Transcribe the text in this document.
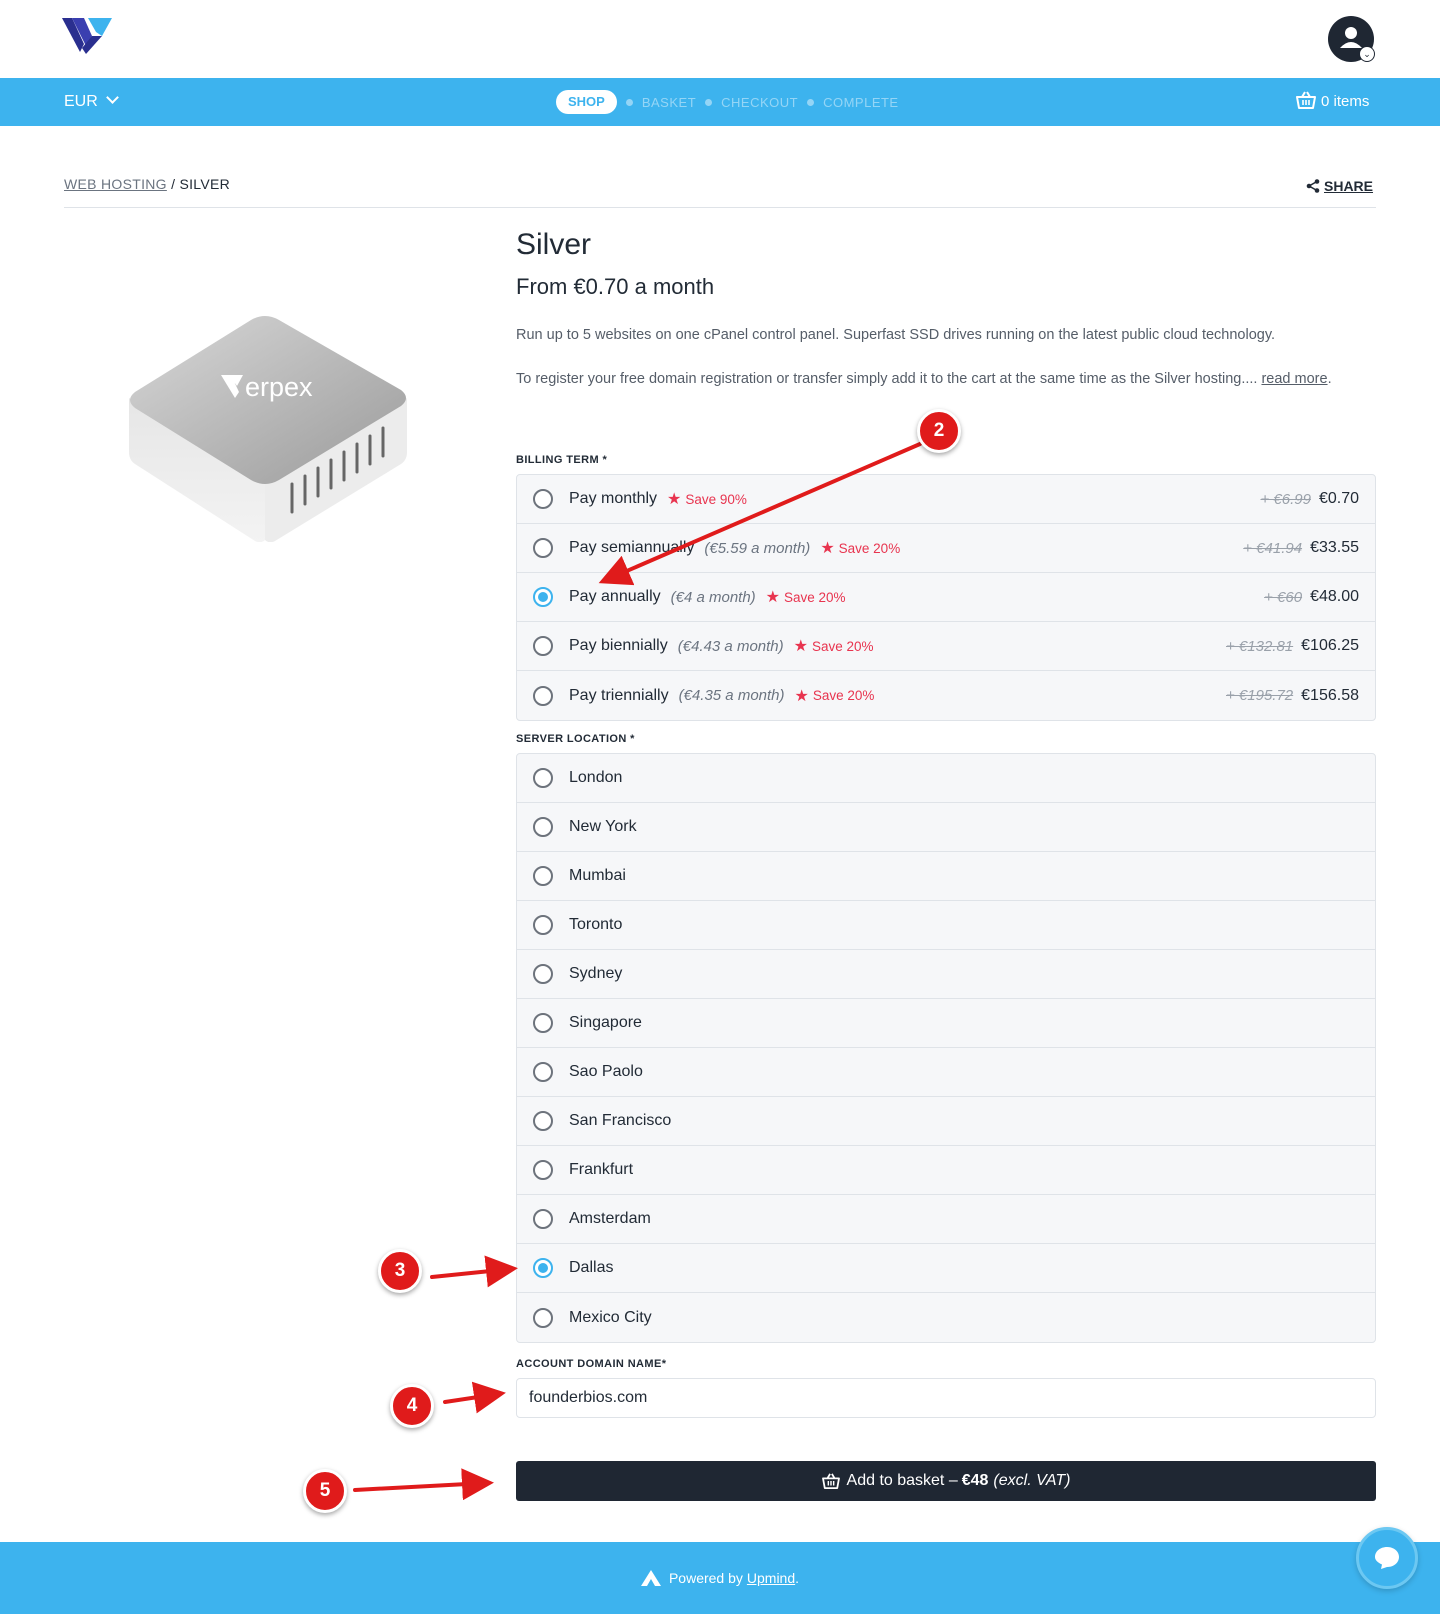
⌄
EUR	SHOP	BASKET CHECKOUT COMPLETE	0 items
WEB HOSTING / SILVER	SHARE
erpex
Silver
From €0.70 a month

Run up to 5 websites on one cPanel control panel. Superfast SSD drives running on the latest public cloud technology.

To register your free domain registration or transfer simply add it to the cart at the same time as the Silver hosting.... read more.

BILLING TERM *
Pay monthly ★ Save 90%	+ €6.99 €0.70
Pay semiannually (€5.59 a month) ★ Save 20%	+ €41.94 €33.55
Pay annually (€4 a month) ★ Save 20%	+ €60 €48.00
Pay biennially (€4.43 a month) ★ Save 20%	+ €132.81 €106.25
Pay triennially (€4.35 a month) ★ Save 20%	+ €195.72 €156.58
SERVER LOCATION *
London
New York
Mumbai
Toronto
Sydney
Singapore
Sao Paolo
San Francisco
Frankfurt
Amsterdam
Dallas
Mexico City
ACCOUNT DOMAIN NAME*
founderbios.com
Add to basket – €48 (excl. VAT)
Powered by Upmind .
2
3
4
5
